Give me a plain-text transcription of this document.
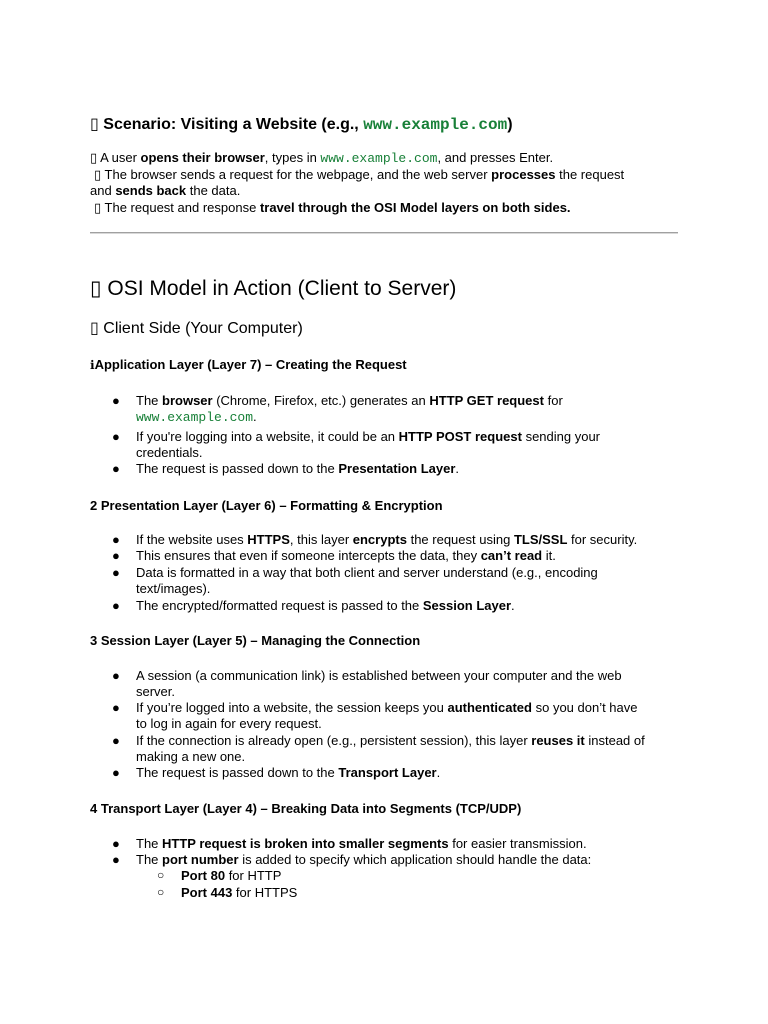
▯ Scenario: Visiting a Website (e.g., www.example.com)
▯ A user opens their browser, types in www.example.com, and presses Enter.
▯ The browser sends a request for the webpage, and the web server processes the request
and sends back the data.
▯ The request and response travel through the OSI Model layers on both sides.
▯ OSI Model in Action (Client to Server)
▯ Client Side (Your Computer)
ℹApplication Layer (Layer 7) – Creating the Request
● The browser (Chrome, Firefox, etc.) generates an HTTP GET request for
www.example.com.
● If you're logging into a website, it could be an HTTP POST request sending your
credentials.
● The request is passed down to the Presentation Layer.
2 Presentation Layer (Layer 6) – Formatting & Encryption
● If the website uses HTTPS, this layer encrypts the request using TLS/SSL for security.
● This ensures that even if someone intercepts the data, they can’t read it.
● Data is formatted in a way that both client and server understand (e.g., encoding
text/images).
● The encrypted/formatted request is passed to the Session Layer.
3 Session Layer (Layer 5) – Managing the Connection
● A session (a communication link) is established between your computer and the web
server.
● If you’re logged into a website, the session keeps you authenticated so you don’t have
to log in again for every request.
● If the connection is already open (e.g., persistent session), this layer reuses it instead of
making a new one.
● The request is passed down to the Transport Layer.
4 Transport Layer (Layer 4) – Breaking Data into Segments (TCP/UDP)
● The HTTP request is broken into smaller segments for easier transmission.
● The port number is added to specify which application should handle the data:
○ Port 80 for HTTP
○ Port 443 for HTTPS
